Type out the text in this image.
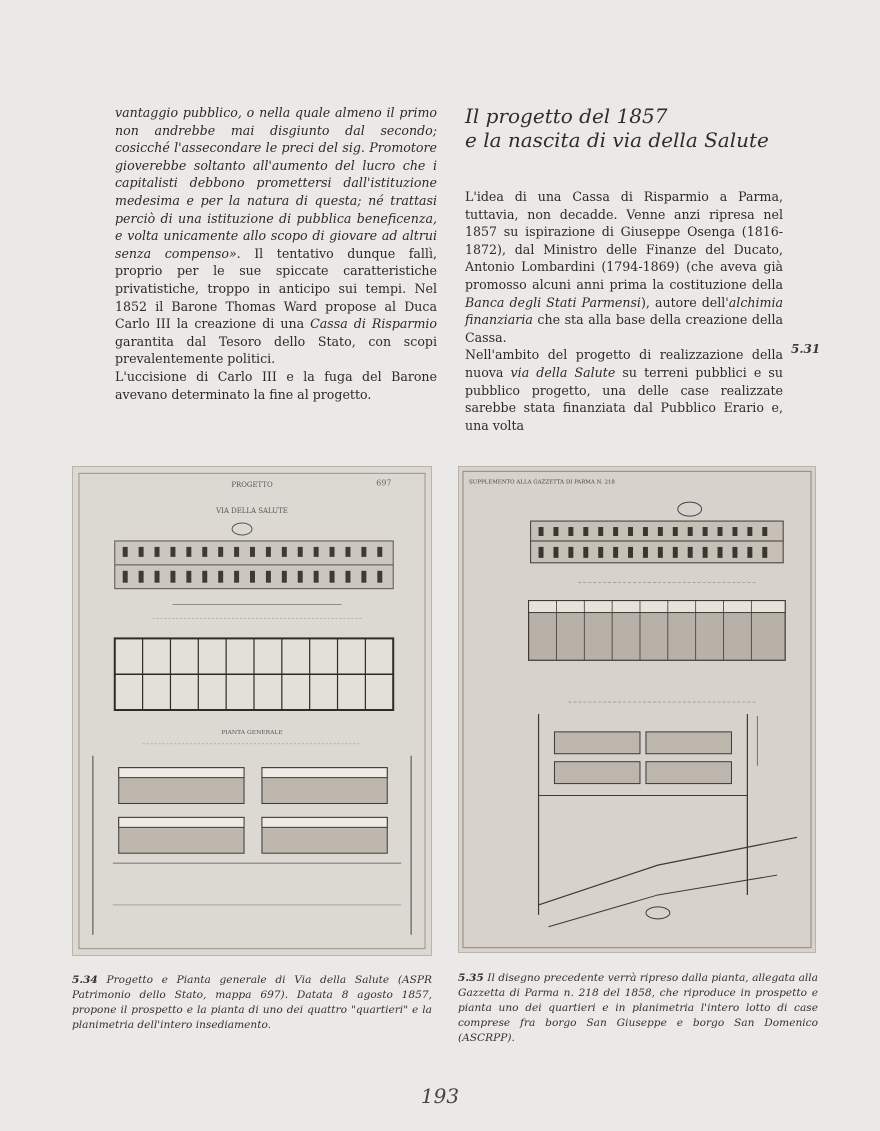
vantaggio pubblico, o nella quale almeno il primo non andrebbe mai disgiunto dal secondo; cosicché l'assecondare le preci del sig. Promotore gioverebbe soltanto all'aumento del lucro che i capitalisti debbono promettersi dall'istituzione medesima e per la natura di questa; né trattasi perciò di una istituzione di pubblica beneficenza, e volta unicamente allo scopo di giovare ad altrui senza compenso». Il tentativo dunque fallì, proprio per le sue spiccate caratteristiche privatistiche, troppo in anticipo sui tempi. Nel 1852 il Barone Thomas Ward propose al Duca Carlo III la creazione di una Cassa di Risparmio garantita dal Tesoro dello Stato, con scopi prevalentemente politici.

L'uccisione di Carlo III e la fuga del Barone avevano determinato la fine al progetto.

Il progetto del 1857
e la nascita di via della Salute

L'idea di una Cassa di Risparmio a Parma, tuttavia, non decadde. Venne anzi ripresa nel 1857 su ispirazione di Giuseppe Osenga (1816-1872), dal Ministro delle Finanze del Ducato, Antonio Lombardini (1794-1869) (che aveva già promosso alcuni anni prima la costituzione della Banca degli Stati Parmensi), autore dell'alchimia finanziaria che sta alla base della creazione della Cassa.

Nell'ambito del progetto di realizzazione della nuova via della Salute su terreni pubblici e su pubblico progetto, una delle case realizzate sarebbe stata finanziata dal Pubblico Erario e, una volta

5.31
PROGETTO
VIA DELLA SALUTE
697
PIANTA GENERALE
SUPPLEMENTO ALLA GAZZETTA DI PARMA N. 218
5.34 Progetto e Pianta generale di Via della Salute (ASPR Patrimonio dello Stato, mappa 697). Datata 8 agosto 1857, propone il prospetto e la pianta di uno dei quattro "quartieri" e la planimetria dell'intero insediamento.
5.35 Il disegno precedente verrà ripreso dalla pianta, allegata alla Gazzetta di Parma n. 218 del 1858, che riproduce in prospetto e pianta uno dei quartieri e in planimetria l'intero lotto di case comprese fra borgo San Giuseppe e borgo San Domenico (ASCRPP).
193
